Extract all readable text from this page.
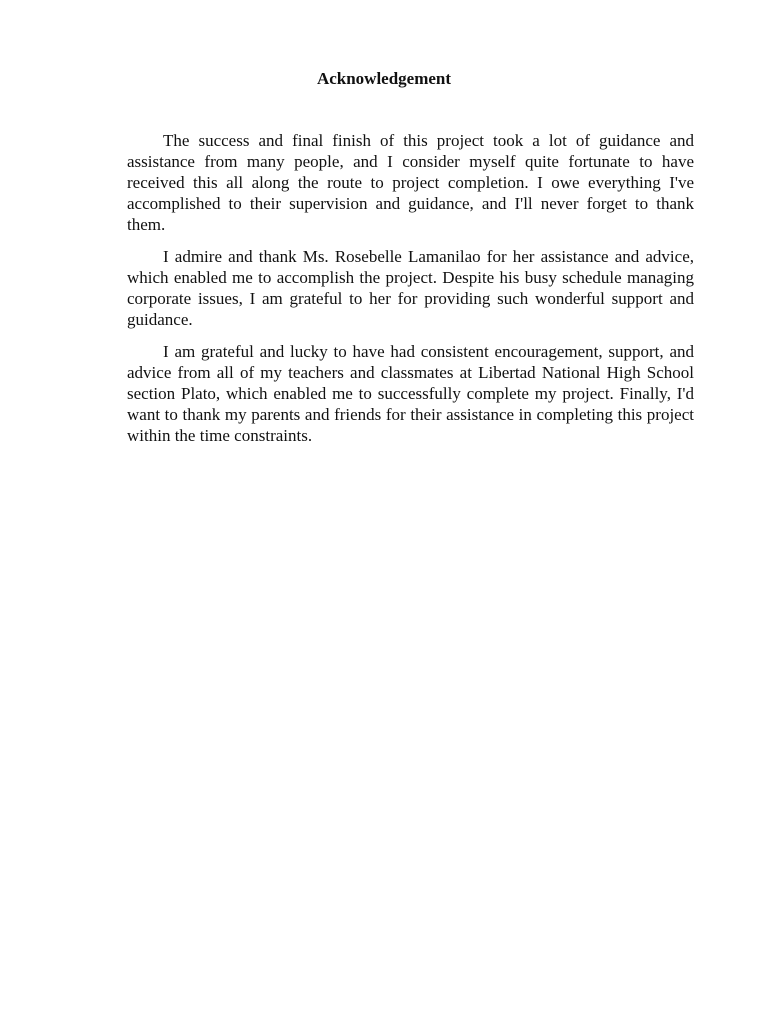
Acknowledgement

The success and final finish of this project took a lot of guidance and assistance from many people, and I consider myself quite fortunate to have received this all along the route to project completion. I owe everything I've accomplished to their supervision and guidance, and I'll never forget to thank them.

I admire and thank Ms. Rosebelle Lamanilao for her assistance and advice, which enabled me to accomplish the project. Despite his busy schedule managing corporate issues, I am grateful to her for providing such wonderful support and guidance.

I am grateful and lucky to have had consistent encouragement, support, and advice from all of my teachers and classmates at Libertad National High School section Plato, which enabled me to successfully complete my project. Finally, I'd want to thank my parents and friends for their assistance in completing this project within the time constraints.
